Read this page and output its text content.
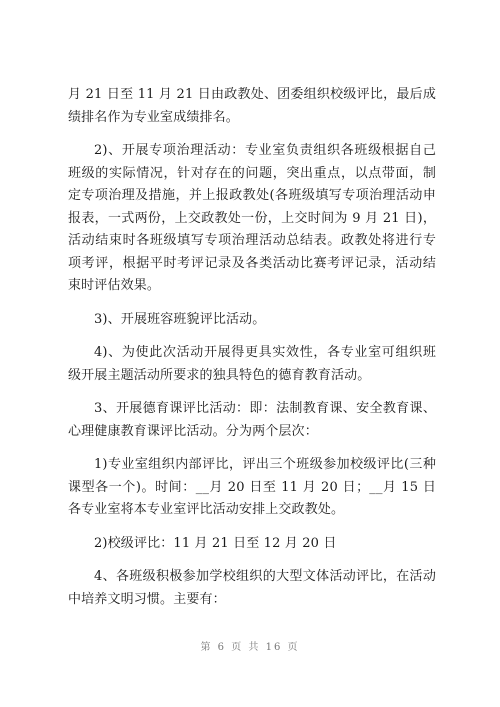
月 21 日至 11 月 21 日由政教处、团委组织校级评比，最后成绩排名作为专业室成绩排名。

2)、开展专项治理活动：专业室负责组织各班级根据自己班级的实际情况，针对存在的问题，突出重点，以点带面，制定专项治理及措施，并上报政教处(各班级填写专项治理活动申报表，一式两份，上交政教处一份，上交时间为 9 月 21 日)，活动结束时各班级填写专项治理活动总结表。政教处将进行专项考评，根据平时考评记录及各类活动比赛考评记录，活动结束时评估效果。

3)、开展班容班貌评比活动。

4)、为使此次活动开展得更具实效性，各专业室可组织班级开展主题活动所要求的独具特色的德育教育活动。

3、开展德育课评比活动：即：法制教育课、安全教育课、心理健康教育课评比活动。分为两个层次：

1)专业室组织内部评比，评出三个班级参加校级评比(三种课型各一个)。时间：__月 20 日至 11 月 20 日；__月 15 日各专业室将本专业室评比活动安排上交政教处。

2)校级评比：11 月 21 日至 12 月 20 日

4、各班级积极参加学校组织的大型文体活动评比，在活动中培养文明习惯。主要有：

第 6 页 共 16 页
